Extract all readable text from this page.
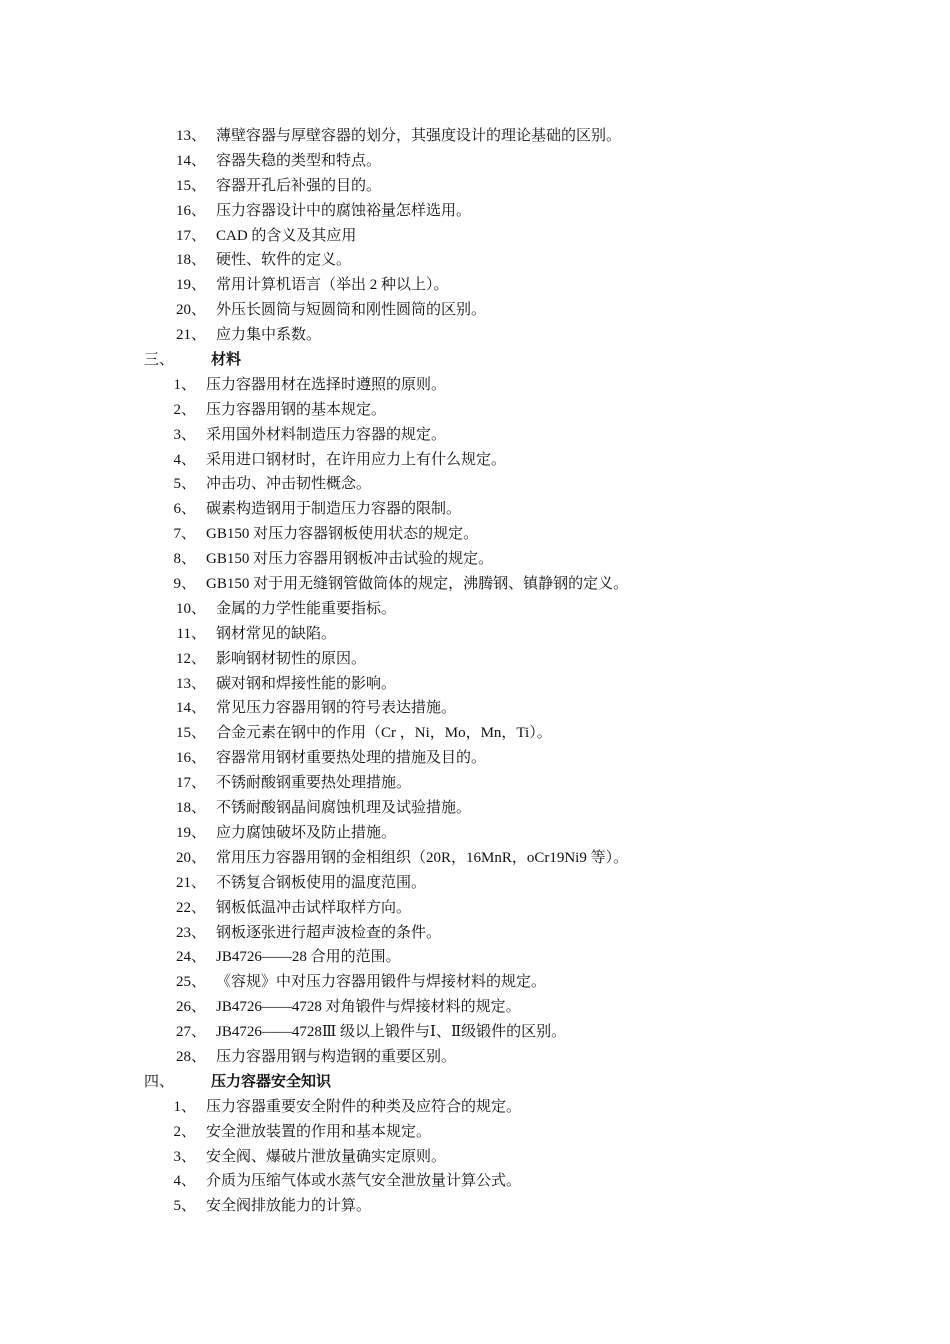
13、 薄壁容器与厚壁容器的划分，其强度设计的理论基础的区别。
14、 容器失稳的类型和特点。
15、 容器开孔后补强的目的。
16、 压力容器设计中的腐蚀裕量怎样选用。
17、 CAD 的含义及其应用
18、 硬性、软件的定义。
19、 常用计算机语言（举出 2 种以上）。
20、 外压长圆筒与短圆筒和刚性圆筒的区别。
21、 应力集中系数。
三、 材料
1、 压力容器用材在选择时遵照的原则。
2、 压力容器用钢的基本规定。
3、 采用国外材料制造压力容器的规定。
4、 采用进口钢材时，在许用应力上有什么规定。
5、 冲击功、冲击韧性概念。
6、 碳素构造钢用于制造压力容器的限制。
7、 GB150 对压力容器钢板使用状态的规定。
8、 GB150 对压力容器用钢板冲击试验的规定。
9、 GB150 对于用无缝钢管做筒体的规定，沸腾钢、镇静钢的定义。
10、 金属的力学性能重要指标。
11、 钢材常见的缺陷。
12、 影响钢材韧性的原因。
13、 碳对钢和焊接性能的影响。
14、 常见压力容器用钢的符号表达措施。
15、 合金元素在钢中的作用（Cr ，Ni，Mo，Mn，Ti）。
16、 容器常用钢材重要热处理的措施及目的。
17、 不锈耐酸钢重要热处理措施。
18、 不锈耐酸钢晶间腐蚀机理及试验措施。
19、 应力腐蚀破坏及防止措施。
20、 常用压力容器用钢的金相组织（20R，16MnR，oCr19Ni9 等）。
21、 不锈复合钢板使用的温度范围。
22、 钢板低温冲击试样取样方向。
23、 钢板逐张进行超声波检查的条件。
24、 JB4726——28 合用的范围。
25、 《容规》中对压力容器用锻件与焊接材料的规定。
26、 JB4726——4728 对角锻件与焊接材料的规定。
27、 JB4726——4728Ⅲ 级以上锻件与Ⅰ、Ⅱ级锻件的区别。
28、 压力容器用钢与构造钢的重要区别。
四、 压力容器安全知识
1、 压力容器重要安全附件的种类及应符合的规定。
2、 安全泄放装置的作用和基本规定。
3、 安全阀、爆破片泄放量确实定原则。
4、 介质为压缩气体或水蒸气安全泄放量计算公式。
5、 安全阀排放能力的计算。
